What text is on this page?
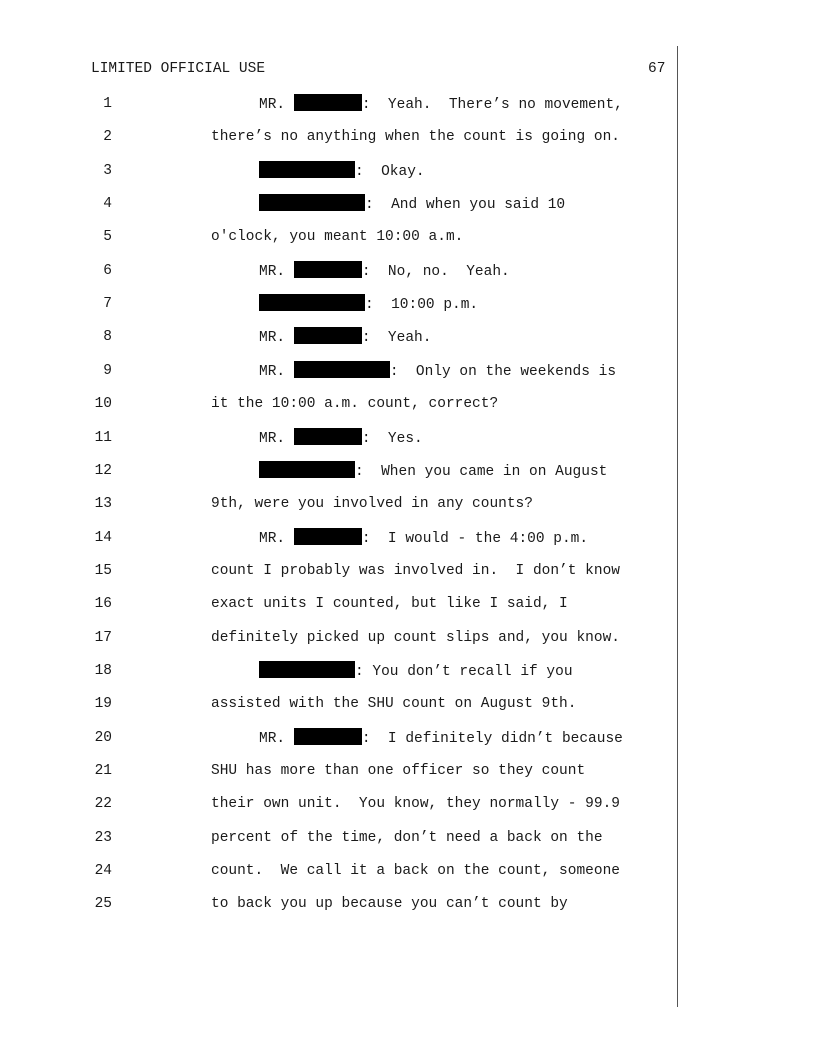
LIMITED OFFICIAL USE	67
1	MR.	:  Yeah.  There’s no movement,
2	there’s no anything when the count is going on.
3	:  Okay.
4	:  And when you said 10
5	o'clock, you meant 10:00 a.m.
6	MR.	:  No, no.  Yeah.
7	:  10:00 p.m.
8	MR.	:  Yeah.
9	MR.	:  Only on the weekends is
10	it the 10:00 a.m. count, correct?
11	MR.	:  Yes.
12	:  When you came in on August
13	9th, were you involved in any counts?
14	MR.	:  I would - the 4:00 p.m.
15	count I probably was involved in.  I don’t know
16	exact units I counted, but like I said, I
17	definitely picked up count slips and, you know.
18	: You don’t recall if you
19	assisted with the SHU count on August 9th.
20	MR.	:  I definitely didn’t because
21	SHU has more than one officer so they count
22	their own unit.  You know, they normally - 99.9
23	percent of the time, don’t need a back on the
24	count.  We call it a back on the count, someone
25	to back you up because you can’t count by
